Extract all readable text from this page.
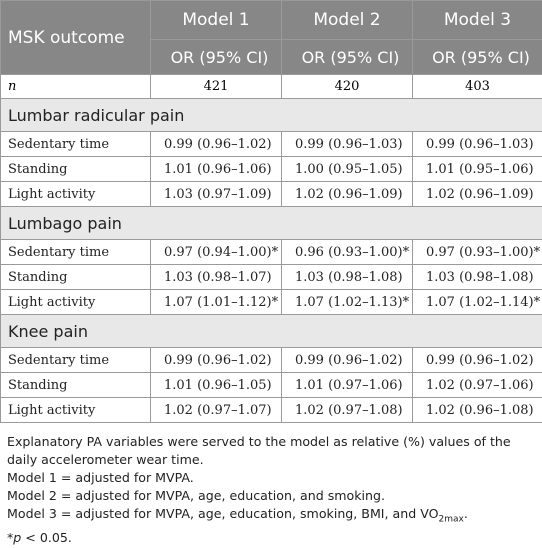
MSK outcome	Model 1	Model 2	Model 3
	OR (95% CI)	OR (95% CI)	OR (95% CI)
n	421	420	403
Lumbar radicular pain			
Sedentary time	0.99 (0.96–1.02)	0.99 (0.96–1.03)	0.99 (0.96–1.03)
Standing	1.01 (0.96–1.06)	1.00 (0.95–1.05)	1.01 (0.95–1.06)
Light activity	1.03 (0.97–1.09)	1.02 (0.96–1.09)	1.02 (0.96–1.09)
Lumbago pain			
Sedentary time	0.97 (0.94–1.00)*	0.96 (0.93–1.00)*	0.97 (0.93–1.00)*
Standing	1.03 (0.98–1.07)	1.03 (0.98–1.08)	1.03 (0.98–1.08)
Light activity	1.07 (1.01–1.12)*	1.07 (1.02–1.13)*	1.07 (1.02–1.14)*
Knee pain			
Sedentary time	0.99 (0.96–1.02)	0.99 (0.96–1.02)	0.99 (0.96–1.02)
Standing	1.01 (0.96–1.05)	1.01 (0.97–1.06)	1.02 (0.97–1.06)
Light activity	1.02 (0.97–1.07)	1.02 (0.97–1.08)	1.02 (0.96–1.08)

Explanatory PA variables were served to the model as relative (%) values of the daily accelerometer wear time.

Model 1 = adjusted for MVPA.

Model 2 = adjusted for MVPA, age, education, and smoking.

Model 3 = adjusted for MVPA, age, education, smoking, BMI, and $VO_{2max}$.

*p < 0.05.
